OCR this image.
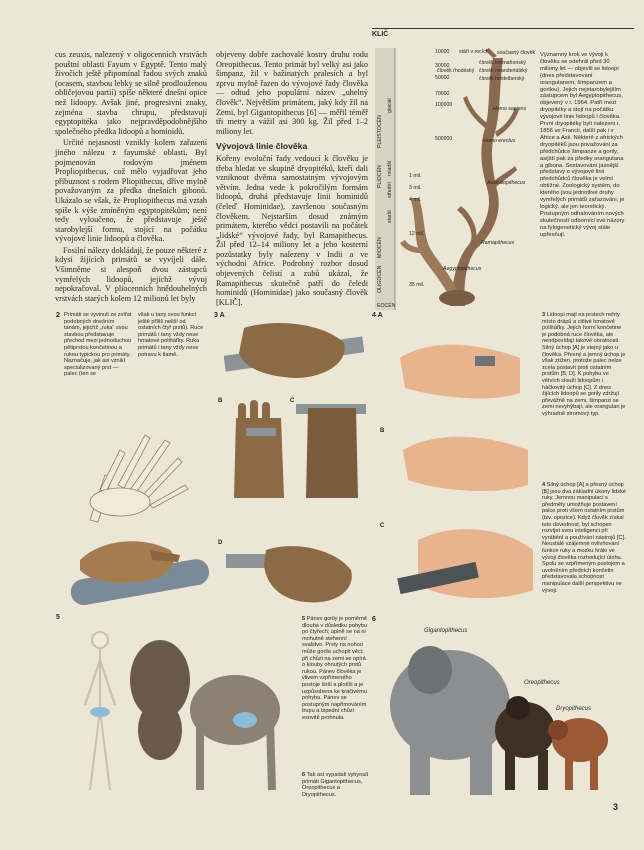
cus zeuxis, nalezený v oligocenních vrstvách pouštní oblasti Fayum v Egyptě. Tento malý živočich ještě připomínal řadou svých znaků (ocasem, stavbou lebky se silně prodlouženou obličejovou partií) spíše některé dnešní opice než lidoopy. Avšak jiné, progresivní znaky, zejména stavba chrupu, představují egyptopitéka jako nejpravděpodobnějšího společného předka lidoopů a hominidů.

Určité nejasnosti vznikly kolem zařazení jiného nálezu z fayumské oblasti. Byl pojmenován rodovým jménem Propliopithecus, což mělo vyjadřovat jeho příbuznost s rodem Pliopithecus, dříve mylně považovaným za předka dnešních gibonů. Ukázalo se však, že Propliopithecus má vztah spíše k výše zmíněným egyptopitékům; není tedy vyloučeno, že představuje ještě starobylejší formu, stojící na počátku vývojové linie lidoopů a člověka.

Fosilní nálezy dokládají, že pouze některé z kdysi žijících primátů se vyvíjeli dále. Všimněme si alespoň dvou zástupců vymřelých lidoopů, jejichž vývoj nepokračoval. V pliocenních hnědouhelných vrstvách starých kolem 12 milionů let byly

objeveny dobře zachovalé kostry druhu rodu Oreopithecus. Tento primát byl velký asi jako šimpanz, žil v bažinatých pralesích a byl zprvu mylně řazen do vývojové řady člověka — odtud jeho populární název „uhelný člověk“. Největším primátem, jaký kdy žil na Zemi, byl Gigantopithecus [6] — měřil téměř tři metry a vážil asi 300 kg. Žil před 1–2 miliony let.

Vývojová linie člověka

Kořeny evoluční řady vedoucí k člověku je třeba hledat ve skupině dryopitéků, kteří dali vzniknout dvěma samostatným vývojovým větvím. Jedna vede k pokročilým formám lidoopů, druhá představuje linii hominidů (čeleď Hominidae), završenou současným člověkem. Nejstarším dosud známým primátem, kterého vědci postavili na počátek „lidské“ vývojové řady, byl Ramapithecus. Žil před 12–14 miliony let a jeho kosterní pozůstatky byly nalezeny v Indii a ve východní Africe. Podrobný rozbor dosud objevených čelistí a zubů ukázal, že Ramapithecus skutečně patří do čeledi hominidů (Hominidae) jako současný člověk [KLIČ].

KLIČ
10000
30000
50000
70000
100000
500000
1 mil.
3 mil.
4 mil.
12 mil.
35 mil.
stáří v rocích současný člověk
člověk kromaňonský
člověk rhodéský člověk neandertálský
člověk heidelberský
Homo sapiens
Homo erectus
Australopithecus
Ramapithecus
Aegyptopithecus
OLIGOCÉN
MIOCÉN
PLIOCÉN
PLEISTOCÉN
EOCÉN
starší
střední
mladší
glaciál
Významný krok ve vývoji k člověku se odehrál před 30 miliony let — objevili se lidoopi (dnes představovaní orangutanem, šimpanzem a gorilou). Jejich nejstarobylejším zástupcem byl Aegyptopithecus, objevený v r. 1964. Patří mezi dryopitéky a stojí na počátku vývojové linie lidoopů i člověka. První dryopitéky byli nalezeni r. 1856 ve Francii, další pak i v Africe a Asii. Některé z afrických dryopitéků jsou považováni za předchůdce šimpanze a gorily, asijští pak za předky orangutana a gibona. Sestavování jasnější představy o vývojové linii předchůdců člověka je velmi obtížné. Zoologický systém, do kterého jsou jednotlivé druhy vymřelých primátů zařazováni, je logický, ale jen teoretický. Postupným odhalováním nových skutečností odborníci své názory na fylogenetický vývoj stále upřesňují.
2 Primáti se vyvinuli ze zvířat podobných dnešním tanám, jejichž „ruka“ svou stavbou představuje přechod mezi jednoduchou pětiprstou končetinou a rukou typickou pro primáty. Naznačuje, jak asi vznikl specializovaný prst — palec (ten se
však u tany svou funkcí ještě příliš neliší od ostatních čtyř prstů). Ruce primátů i tany vždy nese hmatové polštářky. Ruka primátů i tany vždy nese potravu k tlamě.
3 A
B	C
D
4 A
B
C
3 Lidoopi mají na prstech nehty místo drápů a citlivé hmatové polštářky. Jejich horní končetine je podobná ruce člověka, ale neodpovídají takové obratnosti. Silný úchop [A] je stejný jako u člověka. Přesný a jemný úchop je však ztížen, protože palec nelze zcela postavit proti ostatním prstům [B, D]. K pohybu ve větvích slouží lidoopům i háčkovitý úchop [C]. Z dnes žijících lidoopů se gorily zdržují převážně na zemi, šimpanzi se zemi nevyhýbají, ale orangutan je výhradně stromový typ.
4 Silný úchop [A] a přesný úchop [B] jsou dva základní úkony lidské ruky. Jemnou manipulaci s předměty umožňuje postavení palce proti všem ostatním prstům (tzv. opozice). Když člověk získal tuto dovednost, byl schopen rozvíjet svou inteligenci při vyrábění a používání nástrojů [C]. Neustálé vzájemné ovlivňování funkce ruky a mozku hrálo ve vývoji člověka rozhodující úlohu. Spolu se vzpřímeným postojem a uvolněním předních končetin představovala schopnost manipulace další perspektivu ve vývoji.
5	5 Pánev gorily je poměrně dlouhá v důsledku pohybu po čtyřech; úplně se na ni mohutně stehenní svalstvo. Prsty na nohou může gorila uchopit věci; při chůzi na zemi se opírá o klouby ohnutých prstů rukou. Pánev člověka je vlivem vzpřímeného postoje širší a plošší a je uzpůsobena ke kráčivému pohybu. Pánev se postupným napřimováním trupu a bipední chůzí esovitě prohnula.
6 Tak asi vypadali vyhynulí primáti Gigantopithecus, Oreopithecus a Dryopithecus.
6
Gigantopithecus
Oreopithecus
Dryopithecus
3
